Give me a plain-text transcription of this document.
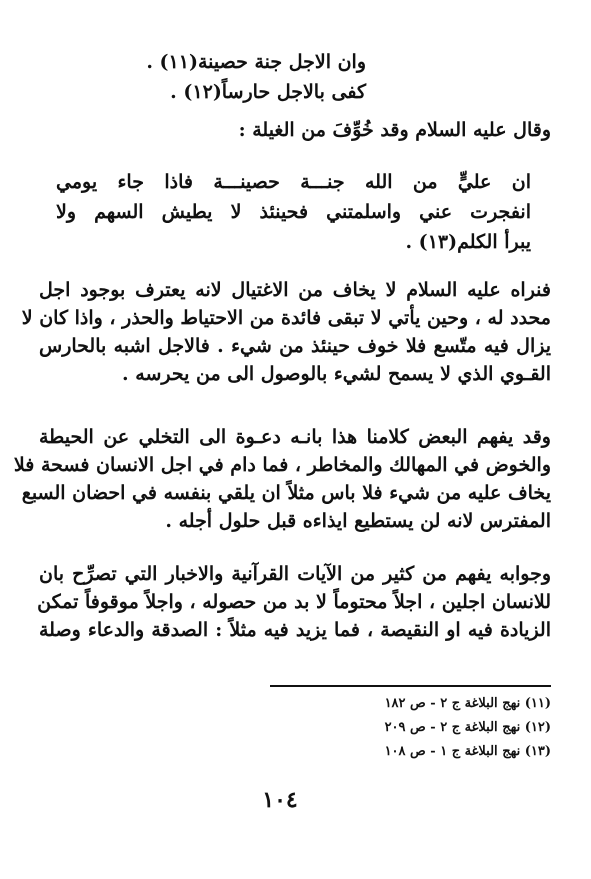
وان الاجل جنة حصينة(١١) .
كفى بالاجل حارساً(١٢) .
وقال عليه السلام وقد خُوِّفَ من الغيلة :
ان عليٍّ من الله جنـــة حصينـــة فاذا جاء يومي
انفجرت عني واسلمتني فحينئذ لا يطيش السهم ولا
يبرأ الكلم(١٣) .
فنراه عليه السلام لا يخاف من الاغتيال لانه يعترف بوجود اجل
محدد له ، وحين يأتي لا تبقى فائدة من الاحتياط والحذر ، واذا كان لا
يزال فيه متّسع فلا خوف حينئذ من شيء . فالاجل اشبه بالحارس
القـوي الذي لا يسمح لشيء بالوصول الى من يحرسه .
وقد يفهم البعض كلامنا هذا بانـه دعـوة الى التخلي عن الحيطة
والخوض في المهالك والمخاطر ، فما دام في اجل الانسان فسحة فلا
يخاف عليه من شيء فلا باس مثلاً ان يلقي بنفسه في احضان السبع
المفترس لانه لن يستطيع ايذاءه قبل حلول أجله .
وجوابه يفهم من كثير من الآيات القرآنية والاخبار التي تصرِّح بان
للانسان اجلين ، اجلاً محتوماً لا بد من حصوله ، واجلاً موقوفاً تمكن
الزيادة فيه او النقيصة ، فما يزيد فيه مثلاً : الصدقة والدعاء وصلة
(١١) نهج البلاغة ج ٢ - ص ١٨٢
(١٢) نهج البلاغة ج ٢ - ص ٢٠٩
(١٣) نهج البلاغة ج ١ - ص ١٠٨
١٠٤
